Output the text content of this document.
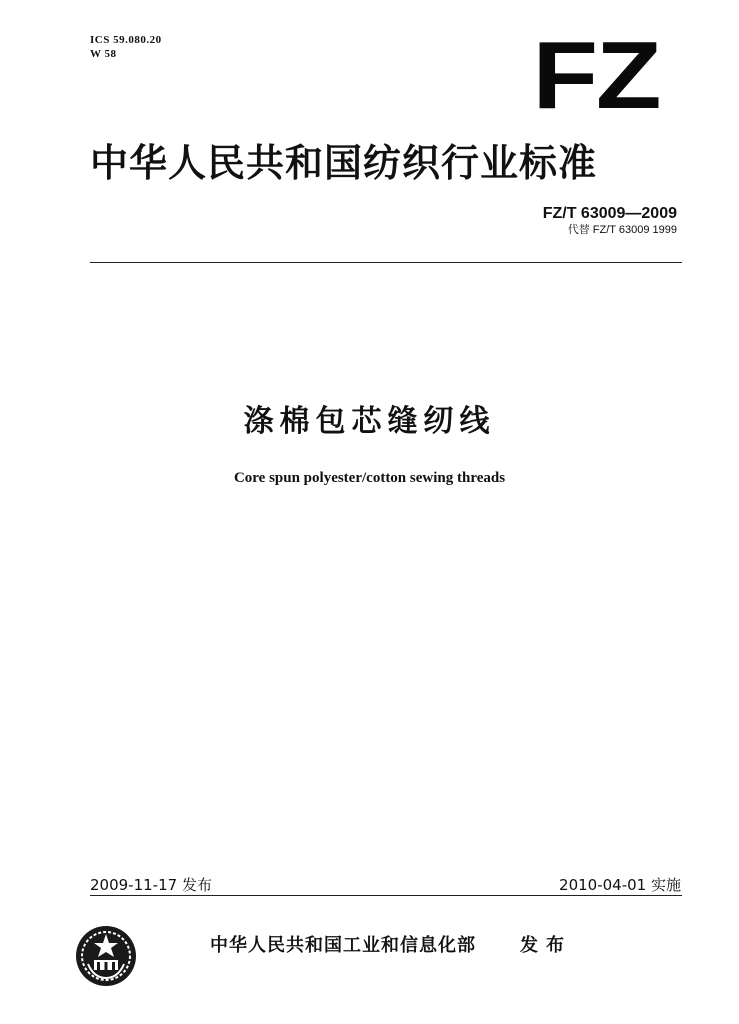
ICS 59.080.20
W 58	FZ
中华人民共和国纺织行业标准
FZ/T 63009—2009
代替 FZ/T 63009 1999
涤棉包芯缝纫线
Core spun polyester/cotton sewing threads
2009-11-17 发布	2010-04-01 实施
中华人民共和国工业和信息化部 发布
